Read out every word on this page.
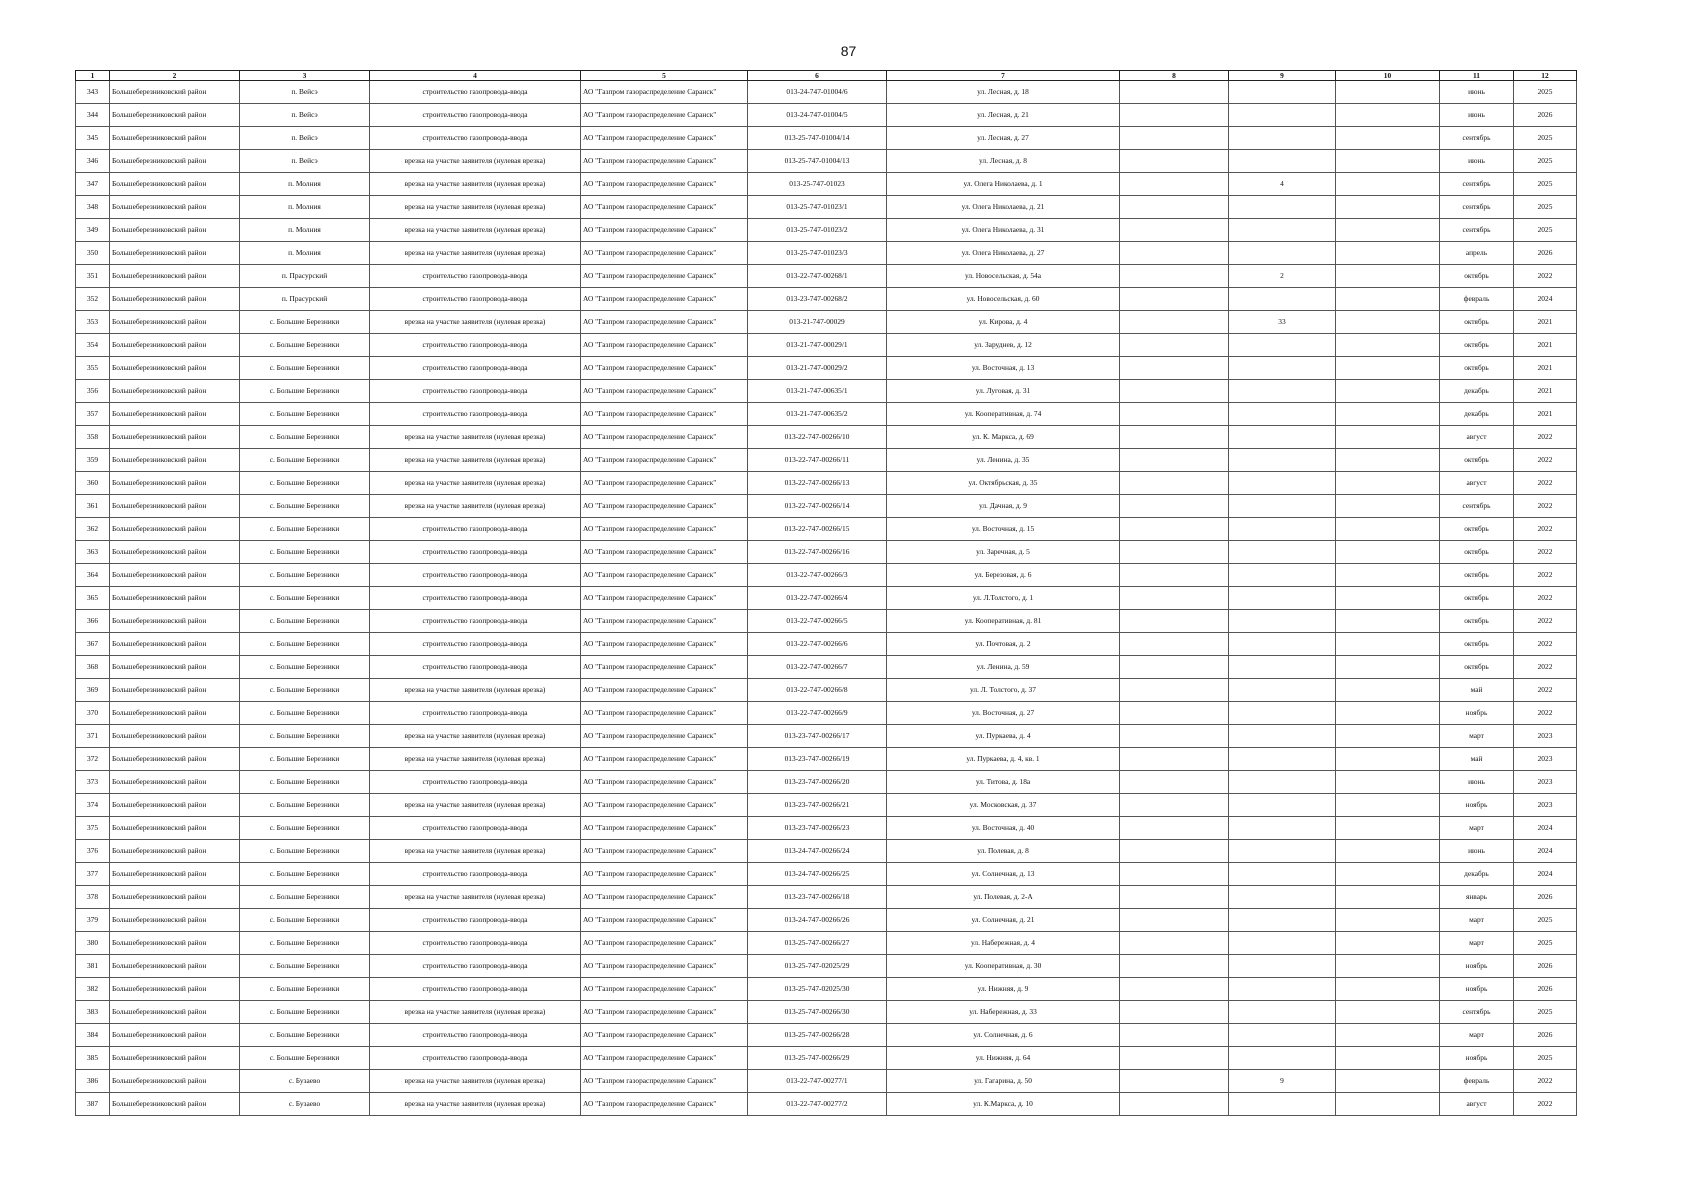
87
1	2	3	4	5	6	7	8	9	10	11	12
343	Большеберезниковский район	п. Вейсэ	строительство газопровода-ввода	АО "Газпром газораспределение Саранск"	013-24-747-01004/6	ул. Лесная, д. 18				июнь	2025
344	Большеберезниковский район	п. Вейсэ	строительство газопровода-ввода	АО "Газпром газораспределение Саранск"	013-24-747-01004/5	ул. Лесная, д. 21				июнь	2026
345	Большеберезниковский район	п. Вейсэ	строительство газопровода-ввода	АО "Газпром газораспределение Саранск"	013-25-747-01004/14	ул. Лесная, д. 27				сентябрь	2025
346	Большеберезниковский район	п. Вейсэ	врезка на участке заявителя (нулевая врезка)	АО "Газпром газораспределение Саранск"	013-25-747-01004/13	ул. Лесная, д. 8				июнь	2025
347	Большеберезниковский район	п. Молния	врезка на участке заявителя (нулевая врезка)	АО "Газпром газораспределение Саранск"	013-25-747-01023	ул. Олега Николаева, д. 1		4		сентябрь	2025
348	Большеберезниковский район	п. Молния	врезка на участке заявителя (нулевая врезка)	АО "Газпром газораспределение Саранск"	013-25-747-01023/1	ул. Олега Николаева, д. 21				сентябрь	2025
349	Большеберезниковский район	п. Молния	врезка на участке заявителя (нулевая врезка)	АО "Газпром газораспределение Саранск"	013-25-747-01023/2	ул. Олега Николаева, д. 31				сентябрь	2025
350	Большеберезниковский район	п. Молния	врезка на участке заявителя (нулевая врезка)	АО "Газпром газораспределение Саранск"	013-25-747-01023/3	ул. Олега Николаева, д. 27				апрель	2026
351	Большеберезниковский район	п. Прасурский	строительство газопровода-ввода	АО "Газпром газораспределение Саранск"	013-22-747-00268/1	ул. Новосельская, д. 54а		2		октябрь	2022
352	Большеберезниковский район	п. Прасурский	строительство газопровода-ввода	АО "Газпром газораспределение Саранск"	013-23-747-00268/2	ул. Новосельская, д. 60				февраль	2024
353	Большеберезниковский район	с. Большие Березники	врезка на участке заявителя (нулевая врезка)	АО "Газпром газораспределение Саранск"	013-21-747-00029	ул. Кирова, д. 4		33		октябрь	2021
354	Большеберезниковский район	с. Большие Березники	строительство газопровода-ввода	АО "Газпром газораспределение Саранск"	013-21-747-00029/1	ул. Заруднев, д. 12				октябрь	2021
355	Большеберезниковский район	с. Большие Березники	строительство газопровода-ввода	АО "Газпром газораспределение Саранск"	013-21-747-00029/2	ул. Восточная, д. 13				октябрь	2021
356	Большеберезниковский район	с. Большие Березники	строительство газопровода-ввода	АО "Газпром газораспределение Саранск"	013-21-747-00635/1	ул. Луговая, д. 31				декабрь	2021
357	Большеберезниковский район	с. Большие Березники	строительство газопровода-ввода	АО "Газпром газораспределение Саранск"	013-21-747-00635/2	ул. Кооперативная, д. 74				декабрь	2021
358	Большеберезниковский район	с. Большие Березники	врезка на участке заявителя (нулевая врезка)	АО "Газпром газораспределение Саранск"	013-22-747-00266/10	ул. К. Маркса, д. 69				август	2022
359	Большеберезниковский район	с. Большие Березники	врезка на участке заявителя (нулевая врезка)	АО "Газпром газораспределение Саранск"	013-22-747-00266/11	ул. Ленина, д. 35				октябрь	2022
360	Большеберезниковский район	с. Большие Березники	врезка на участке заявителя (нулевая врезка)	АО "Газпром газораспределение Саранск"	013-22-747-00266/13	ул. Октябрьская, д. 35				август	2022
361	Большеберезниковский район	с. Большие Березники	врезка на участке заявителя (нулевая врезка)	АО "Газпром газораспределение Саранск"	013-22-747-00266/14	ул. Дачная, д. 9				сентябрь	2022
362	Большеберезниковский район	с. Большие Березники	строительство газопровода-ввода	АО "Газпром газораспределение Саранск"	013-22-747-00266/15	ул. Восточная, д. 15				октябрь	2022
363	Большеберезниковский район	с. Большие Березники	строительство газопровода-ввода	АО "Газпром газораспределение Саранск"	013-22-747-00266/16	ул. Заречная, д. 5				октябрь	2022
364	Большеберезниковский район	с. Большие Березники	строительство газопровода-ввода	АО "Газпром газораспределение Саранск"	013-22-747-00266/3	ул. Березовая, д. 6				октябрь	2022
365	Большеберезниковский район	с. Большие Березники	строительство газопровода-ввода	АО "Газпром газораспределение Саранск"	013-22-747-00266/4	ул. Л.Толстого, д. 1				октябрь	2022
366	Большеберезниковский район	с. Большие Березники	строительство газопровода-ввода	АО "Газпром газораспределение Саранск"	013-22-747-00266/5	ул. Кооперативная, д. 81				октябрь	2022
367	Большеберезниковский район	с. Большие Березники	строительство газопровода-ввода	АО "Газпром газораспределение Саранск"	013-22-747-00266/6	ул. Почтовая, д. 2				октябрь	2022
368	Большеберезниковский район	с. Большие Березники	строительство газопровода-ввода	АО "Газпром газораспределение Саранск"	013-22-747-00266/7	ул. Ленина, д. 59				октябрь	2022
369	Большеберезниковский район	с. Большие Березники	врезка на участке заявителя (нулевая врезка)	АО "Газпром газораспределение Саранск"	013-22-747-00266/8	ул. Л. Толстого, д. 37				май	2022
370	Большеберезниковский район	с. Большие Березники	строительство газопровода-ввода	АО "Газпром газораспределение Саранск"	013-22-747-00266/9	ул. Восточная, д. 27				ноябрь	2022
371	Большеберезниковский район	с. Большие Березники	врезка на участке заявителя (нулевая врезка)	АО "Газпром газораспределение Саранск"	013-23-747-00266/17	ул. Пуркаева, д. 4				март	2023
372	Большеберезниковский район	с. Большие Березники	врезка на участке заявителя (нулевая врезка)	АО "Газпром газораспределение Саранск"	013-23-747-00266/19	ул. Пуркаева, д. 4, кв. 1				май	2023
373	Большеберезниковский район	с. Большие Березники	строительство газопровода-ввода	АО "Газпром газораспределение Саранск"	013-23-747-00266/20	ул. Титова, д. 18а				июнь	2023
374	Большеберезниковский район	с. Большие Березники	врезка на участке заявителя (нулевая врезка)	АО "Газпром газораспределение Саранск"	013-23-747-00266/21	ул. Московская, д. 37				ноябрь	2023
375	Большеберезниковский район	с. Большие Березники	строительство газопровода-ввода	АО "Газпром газораспределение Саранск"	013-23-747-00266/23	ул. Восточная, д. 40				март	2024
376	Большеберезниковский район	с. Большие Березники	врезка на участке заявителя (нулевая врезка)	АО "Газпром газораспределение Саранск"	013-24-747-00266/24	ул. Полевая, д. 8				июнь	2024
377	Большеберезниковский район	с. Большие Березники	строительство газопровода-ввода	АО "Газпром газораспределение Саранск"	013-24-747-00266/25	ул. Солнечная, д. 13				декабрь	2024
378	Большеберезниковский район	с. Большие Березники	врезка на участке заявителя (нулевая врезка)	АО "Газпром газораспределение Саранск"	013-23-747-00266/18	ул. Полевая, д. 2-А				январь	2026
379	Большеберезниковский район	с. Большие Березники	строительство газопровода-ввода	АО "Газпром газораспределение Саранск"	013-24-747-00266/26	ул. Солнечная, д. 21				март	2025
380	Большеберезниковский район	с. Большие Березники	строительство газопровода-ввода	АО "Газпром газораспределение Саранск"	013-25-747-00266/27	ул. Набережная, д. 4				март	2025
381	Большеберезниковский район	с. Большие Березники	строительство газопровода-ввода	АО "Газпром газораспределение Саранск"	013-25-747-02025/29	ул. Кооперативная, д. 30				ноябрь	2026
382	Большеберезниковский район	с. Большие Березники	строительство газопровода-ввода	АО "Газпром газораспределение Саранск"	013-25-747-02025/30	ул. Нижняя, д. 9				ноябрь	2026
383	Большеберезниковский район	с. Большие Березники	врезка на участке заявителя (нулевая врезка)	АО "Газпром газораспределение Саранск"	013-25-747-00266/30	ул. Набережная, д. 33				сентябрь	2025
384	Большеберезниковский район	с. Большие Березники	строительство газопровода-ввода	АО "Газпром газораспределение Саранск"	013-25-747-00266/28	ул. Солнечная, д. 6				март	2026
385	Большеберезниковский район	с. Большие Березники	строительство газопровода-ввода	АО "Газпром газораспределение Саранск"	013-25-747-00266/29	ул. Нижняя, д. 64				ноябрь	2025
386	Большеберезниковский район	с. Бузаево	врезка на участке заявителя (нулевая врезка)	АО "Газпром газораспределение Саранск"	013-22-747-00277/1	ул. Гагарина, д. 50		9		февраль	2022
387	Большеберезниковский район	с. Бузаево	врезка на участке заявителя (нулевая врезка)	АО "Газпром газораспределение Саранск"	013-22-747-00277/2	ул. К.Маркса, д. 10				август	2022
